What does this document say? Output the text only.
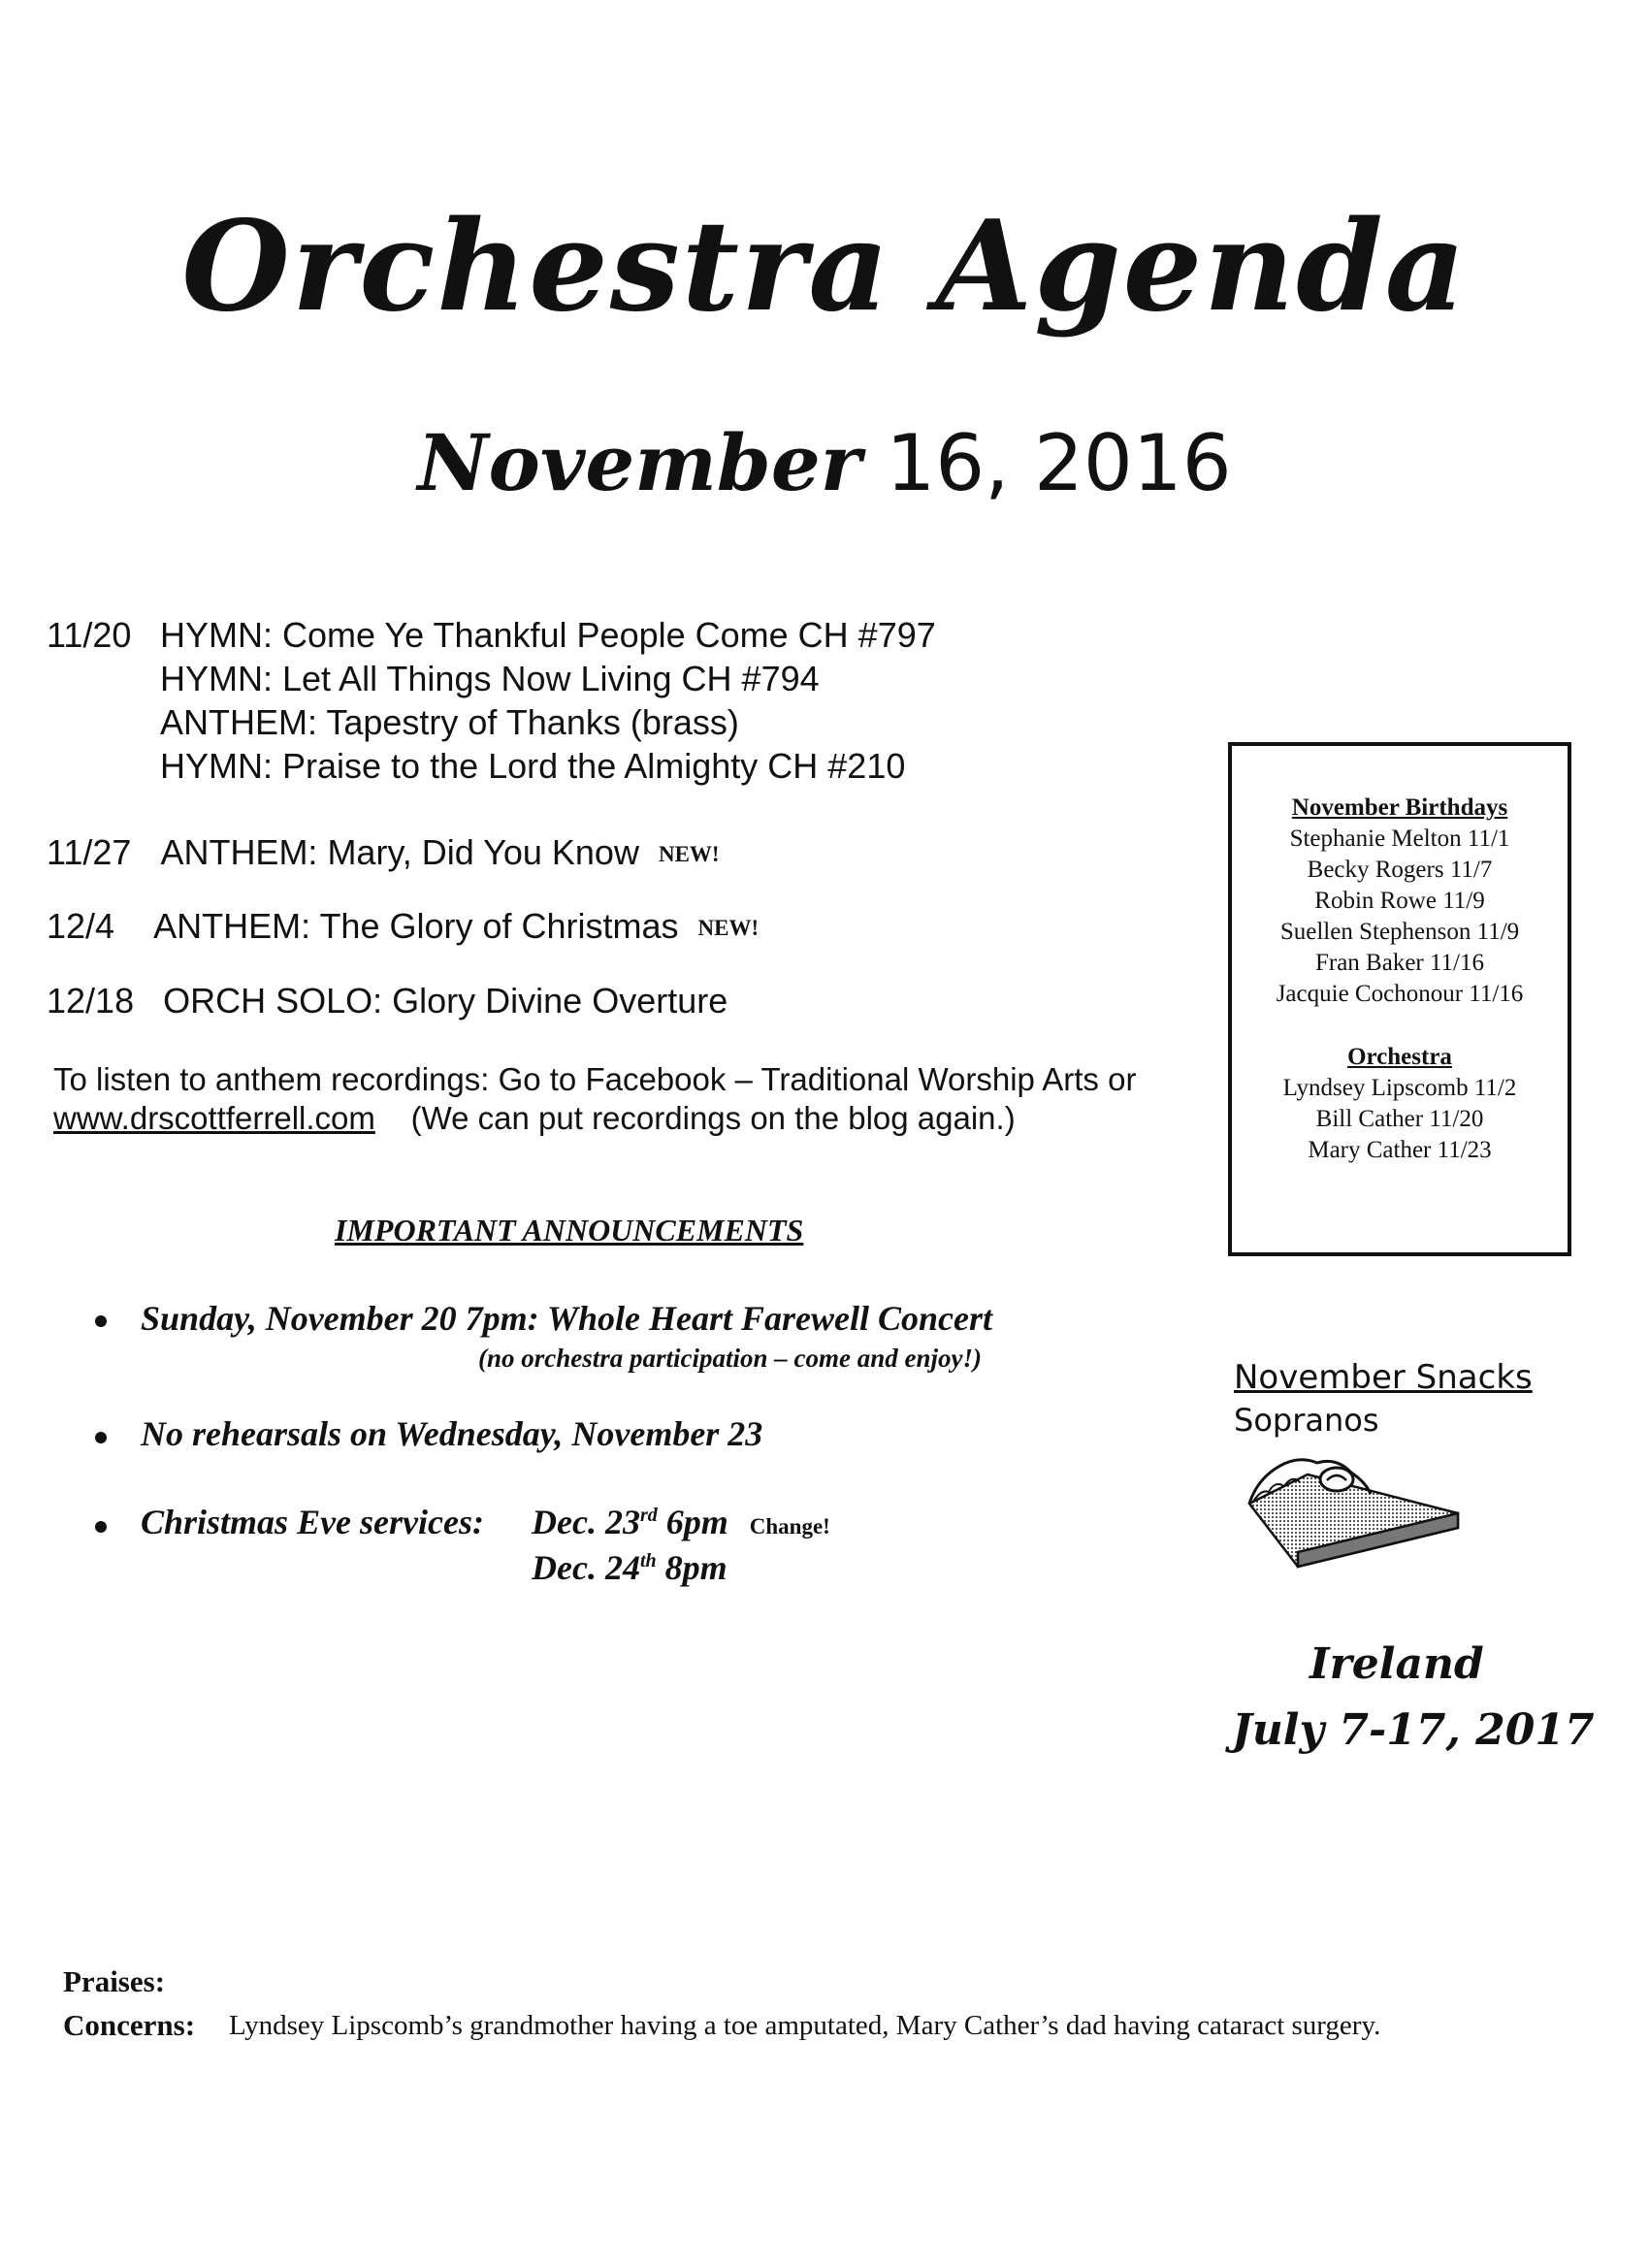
Orchestra Agenda
November 16, 2016
11/20 HYMN: Come Ye Thankful People Come CH #797
HYMN: Let All Things Now Living CH #794
ANTHEM: Tapestry of Thanks (brass)
HYMN: Praise to the Lord the Almighty CH #210
11/27 ANTHEM: Mary, Did You Know NEW!
12/4 ANTHEM: The Glory of Christmas NEW!
12/18 ORCH SOLO: Glory Divine Overture
To listen to anthem recordings: Go to Facebook – Traditional Worship Arts or
www.drscottferrell.com (We can put recordings on the blog again.)
IMPORTANT ANNOUNCEMENTS
Sunday, November 20 7pm: Whole Heart Farewell Concert
(no orchestra participation – come and enjoy!)
No rehearsals on Wednesday, November 23
Christmas Eve services: Dec. 23rd 6pm Change!
Dec. 24th 8pm
November Birthdays
Stephanie Melton 11/1
Becky Rogers 11/7
Robin Rowe 11/9
Suellen Stephenson 11/9
Fran Baker 11/16
Jacquie Cochonour 11/16
Orchestra
Lyndsey Lipscomb 11/2
Bill Cather 11/20
Mary Cather 11/23
November Snacks
Sopranos
Ireland
July 7-17, 2017
Praises:
Concerns: Lyndsey Lipscomb’s grandmother having a toe amputated, Mary Cather’s dad having cataract surgery.
